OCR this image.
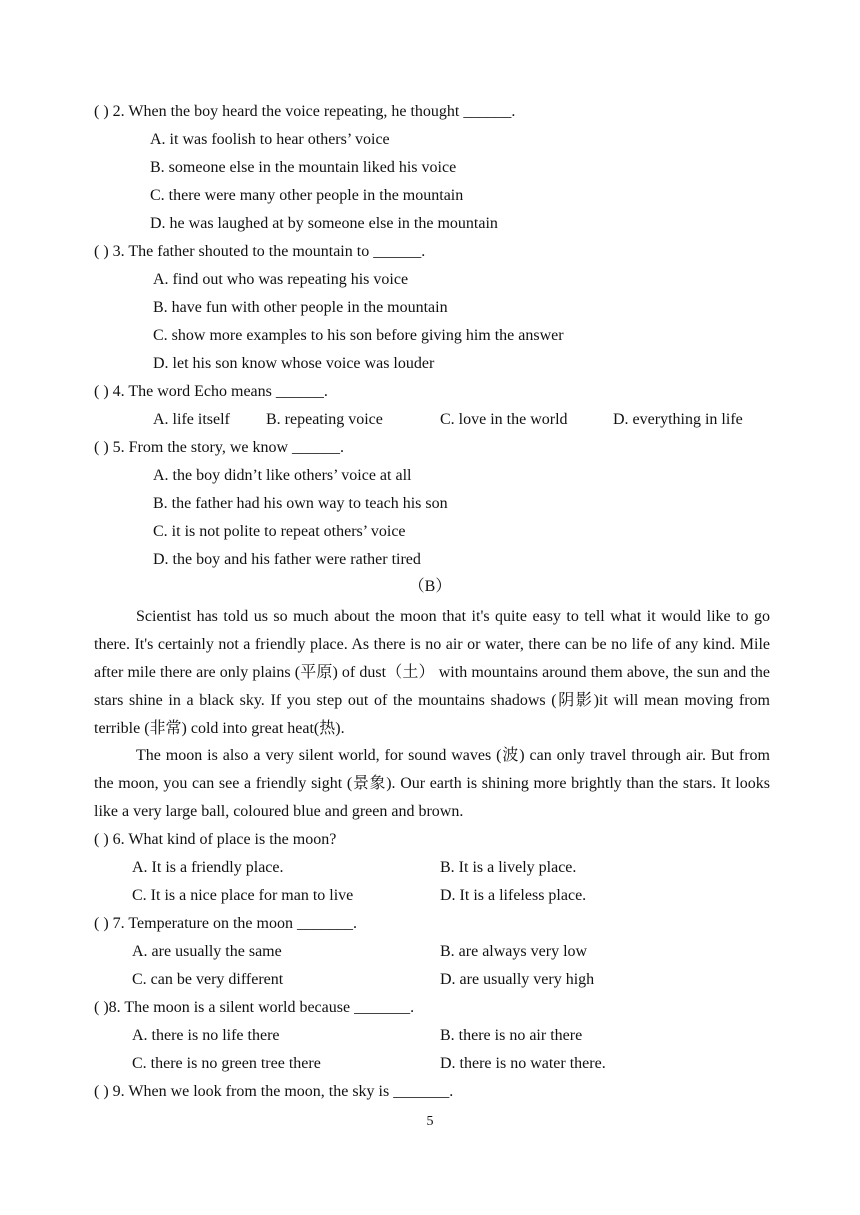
( ) 2. When the boy heard the voice repeating, he thought ______.
A. it was foolish to hear others’ voice
B. someone else in the mountain liked his voice
C. there were many other people in the mountain
D. he was laughed at by someone else in the mountain
( ) 3. The father shouted to the mountain to ______.
A. find out who was repeating his voice
B. have fun with other people in the mountain
C. show more examples to his son before giving him the answer
D. let his son know whose voice was louder
( ) 4. The word Echo means ______.
A. life itself B. repeating voice	C. love in the world	D. everything in life
( ) 5. From the story, we know ______.
A. the boy didn’t like others’ voice at all
B. the father had his own way to teach his son
C. it is not polite to repeat others’ voice
D. the boy and his father were rather tired
（B）
Scientist has told us so much about the moon that it's quite easy to tell what it would like to go there. It's certainly not a friendly place. As there is no air or water, there can be no life of any kind. Mile after mile there are only plains (平原) of dust（土） with mountains around them above, the sun and the stars shine in a black sky. If you step out of the mountains shadows (阴影)it will mean moving from terrible (非常) cold into great heat(热).
The moon is also a very silent world, for sound waves (波) can only travel through air. But from the moon, you can see a friendly sight (景象). Our earth is shining more brightly than the stars. It looks like a very large ball, coloured blue and green and brown.
( ) 6. What kind of place is the moon?
A. It is a friendly place.	B. It is a lively place.
C. It is a nice place for man to live	D. It is a lifeless place.
( ) 7. Temperature on the moon _______.
A. are usually the same	B. are always very low
C. can be very different	D. are usually very high
( )8. The moon is a silent world because _______.
A. there is no life there	B. there is no air there
C. there is no green tree there	D. there is no water there.
( ) 9. When we look from the moon, the sky is _______.
5
